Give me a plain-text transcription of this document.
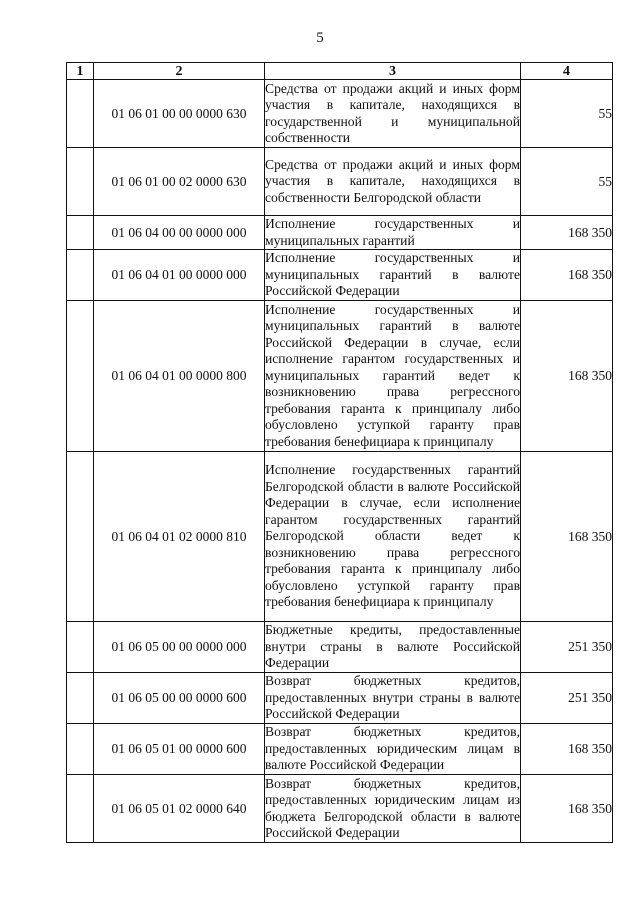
5
1	2	3	4
	01 06 01 00 00 0000 630	Средства от продажи акций и иных форм участия в капитале, находящихся в государственной и муниципальной собственности	55
	01 06 01 00 02 0000 630	Средства от продажи акций и иных форм участия в капитале, находящихся в собственности Белгородской области	55
	01 06 04 00 00 0000 000	Исполнение государственных и муниципальных гарантий	168 350
	01 06 04 01 00 0000 000	Исполнение государственных и муниципальных гарантий в валюте Российской Федерации	168 350
	01 06 04 01 00 0000 800	Исполнение государственных и муниципальных гарантий в валюте Российской Федерации в случае, если исполнение гарантом государственных и муниципальных гарантий ведет к возникновению права регрессного требования гаранта к принципалу либо обусловлено уступкой гаранту прав требования бенефициара к принципалу	168 350
	01 06 04 01 02 0000 810	Исполнение государственных гарантий Белгородской области в валюте Российской Федерации в случае, если исполнение гарантом государственных гарантий Белгородской области ведет к возникновению права регрессного требования гаранта к принципалу либо обусловлено уступкой гаранту прав требования бенефициара к принципалу	168 350
	01 06 05 00 00 0000 000	Бюджетные кредиты, предоставленные внутри страны в валюте Российской Федерации	251 350
	01 06 05 00 00 0000 600	Возврат бюджетных кредитов, предоставленных внутри страны в валюте Российской Федерации	251 350
	01 06 05 01 00 0000 600	Возврат бюджетных кредитов, предоставленных юридическим лицам в валюте Российской Федерации	168 350
	01 06 05 01 02 0000 640	Возврат бюджетных кредитов, предоставленных юридическим лицам из бюджета Белгородской области в валюте Российской Федерации	168 350
